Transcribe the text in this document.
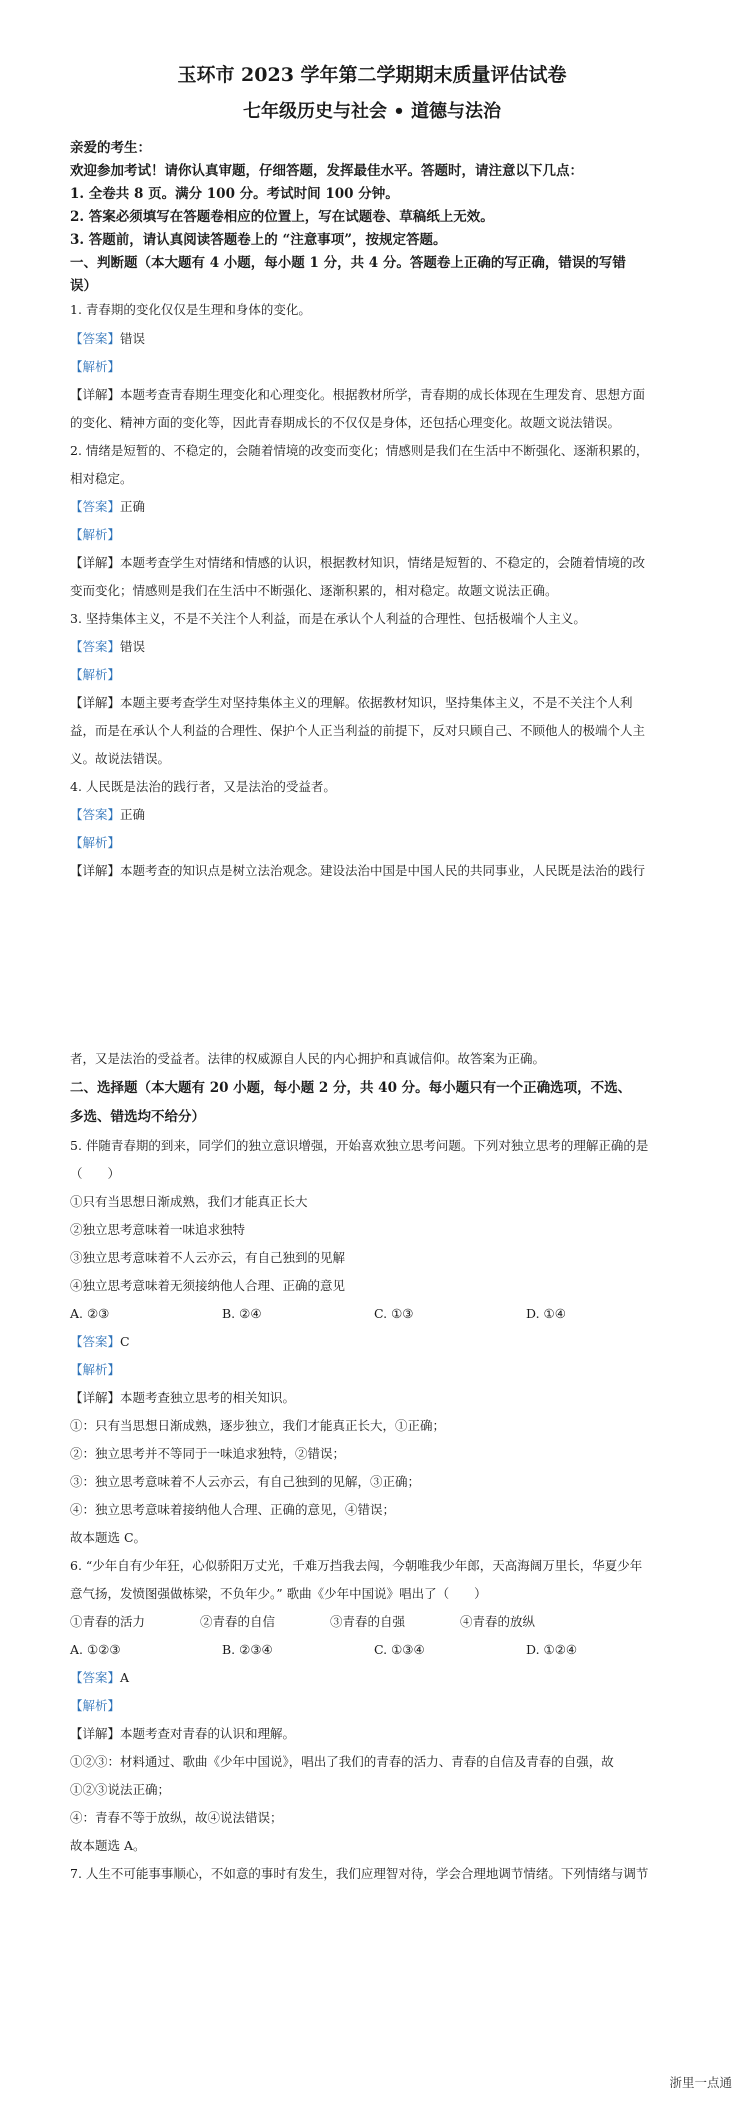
玉环市 2023 学年第二学期期末质量评估试卷
七年级历史与社会 • 道德与法治
亲爱的考生：
欢迎参加考试！请你认真审题，仔细答题，发挥最佳水平。答题时，请注意以下几点：
1. 全卷共 8 页。满分 100 分。考试时间 100 分钟。
2. 答案必须填写在答题卷相应的位置上，写在试题卷、草稿纸上无效。
3. 答题前，请认真阅读答题卷上的 “注意事项”，按规定答题。
一、判断题（本大题有 4 小题，每小题 1 分，共 4 分。答题卷上正确的写正确，错误的写错
误）
1. 青春期的变化仅仅是生理和身体的变化。
【答案】错误
【解析】
【详解】本题考查青春期生理变化和心理变化。根据教材所学，青春期的成长体现在生理发育、思想方面
的变化、精神方面的变化等，因此青春期成长的不仅仅是身体，还包括心理变化。故题文说法错误。
2. 情绪是短暂的、不稳定的，会随着情境的改变而变化；情感则是我们在生活中不断强化、逐渐积累的，
相对稳定。
【答案】正确
【解析】
【详解】本题考查学生对情绪和情感的认识，根据教材知识，情绪是短暂的、不稳定的，会随着情境的改
变而变化；情感则是我们在生活中不断强化、逐渐积累的，相对稳定。故题文说法正确。
3. 坚持集体主义，不是不关注个人利益，而是在承认个人利益的合理性、包括极端个人主义。
【答案】错误
【解析】
【详解】本题主要考查学生对坚持集体主义的理解。依据教材知识，坚持集体主义，不是不关注个人利
益，而是在承认个人利益的合理性、保护个人正当利益的前提下，反对只顾自己、不顾他人的极端个人主
义。故说法错误。
4. 人民既是法治的践行者，又是法治的受益者。
【答案】正确
【解析】
【详解】本题考查的知识点是树立法治观念。建设法治中国是中国人民的共同事业，人民既是法治的践行
者，又是法治的受益者。法律的权威源自人民的内心拥护和真诚信仰。故答案为正确。
二、选择题（本大题有 20 小题，每小题 2 分，共 40 分。每小题只有一个正确选项，不选、
多选、错选均不给分）
5. 伴随青春期的到来，同学们的独立意识增强，开始喜欢独立思考问题。下列对独立思考的理解正确的是
（　　）
①只有当思想日渐成熟，我们才能真正长大
②独立思考意味着一味追求独特
③独立思考意味着不人云亦云，有自己独到的见解
④独立思考意味着无须接纳他人合理、正确的意见
A. ②③	B. ②④	C. ①③	D. ①④
【答案】C
【解析】
【详解】本题考查独立思考的相关知识。
①：只有当思想日渐成熟，逐步独立，我们才能真正长大，①正确；
②：独立思考并不等同于一味追求独特，②错误；
③：独立思考意味着不人云亦云，有自己独到的见解，③正确；
④：独立思考意味着接纳他人合理、正确的意见，④错误；
故本题选 C。
6. “少年自有少年狂，心似骄阳万丈光，千难万挡我去闯，今朝唯我少年郎，天高海阔万里长，华夏少年
意气扬，发愤图强做栋梁，不负年少。” 歌曲《少年中国说》唱出了（　　）
①青春的活力	②青春的自信	③青春的自强	④青春的放纵
A. ①②③	B. ②③④	C. ①③④	D. ①②④
【答案】A
【解析】
【详解】本题考查对青春的认识和理解。
①②③：材料通过、歌曲《少年中国说》，唱出了我们的青春的活力、青春的自信及青春的自强，故
①②③说法正确；
④：青春不等于放纵，故④说法错误；
故本题选 A。
7. 人生不可能事事顺心，不如意的事时有发生，我们应理智对待，学会合理地调节情绪。下列情绪与调节
浙里一点通
